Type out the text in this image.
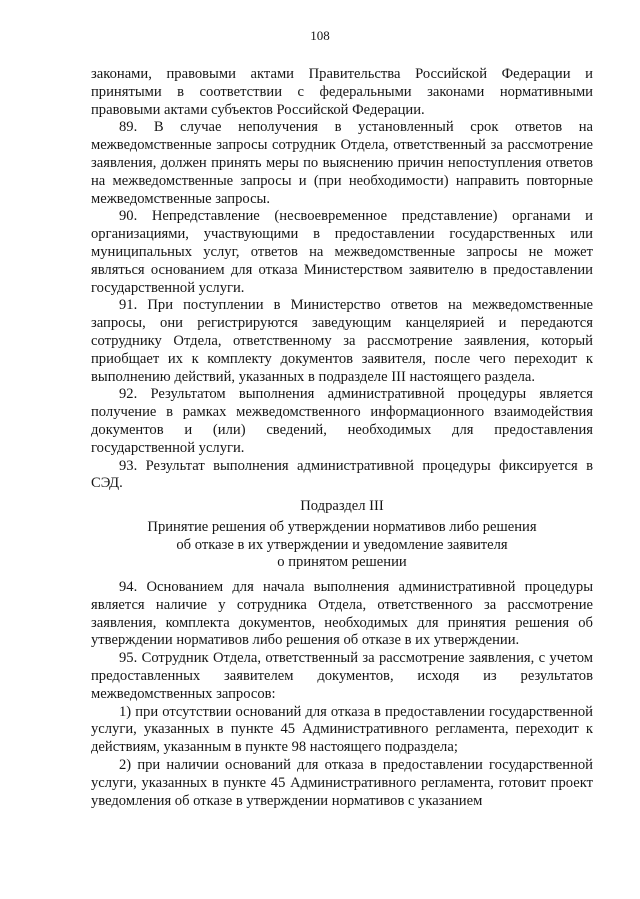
108

законами, правовыми актами Правительства Российской Федерации и принятыми в соответствии с федеральными законами нормативными правовыми актами субъектов Российской Федерации.

89. В случае неполучения в установленный срок ответов на межведомственные запросы сотрудник Отдела, ответственный за рассмотрение заявления, должен принять меры по выяснению причин непоступления ответов на межведомственные запросы и (при необходимости) направить повторные межведомственные запросы.

90. Непредставление (несвоевременное представление) органами и организациями, участвующими в предоставлении государственных или муниципальных услуг, ответов на межведомственные запросы не может являться основанием для отказа Министерством заявителю в предоставлении государственной услуги.

91. При поступлении в Министерство ответов на межведомственные запросы, они регистрируются заведующим канцелярией и передаются сотруднику Отдела, ответственному за рассмотрение заявления, который приобщает их к комплекту документов заявителя, после чего переходит к выполнению действий, указанных в подразделе III настоящего раздела.

92. Результатом выполнения административной процедуры является получение в рамках межведомственного информационного взаимодействия документов и (или) сведений, необходимых для предоставления государственной услуги.

93. Результат выполнения административной процедуры фиксируется в СЭД.

Подраздел III
Принятие решения об утверждении нормативов либо решения
об отказе в их утверждении и уведомление заявителя
о принятом решении

94. Основанием для начала выполнения административной процедуры является наличие у сотрудника Отдела, ответственного за рассмотрение заявления, комплекта документов, необходимых для принятия решения об утверждении нормативов либо решения об отказе в их утверждении.

95. Сотрудник Отдела, ответственный за рассмотрение заявления, с учетом предоставленных заявителем документов, исходя из результатов межведомственных запросов:

1) при отсутствии оснований для отказа в предоставлении государственной услуги, указанных в пункте 45 Административного регламента, переходит к действиям, указанным в пункте 98 настоящего подраздела;

2) при наличии оснований для отказа в предоставлении государственной услуги, указанных в пункте 45 Административного регламента, готовит проект уведомления об отказе в утверждении нормативов с указанием
